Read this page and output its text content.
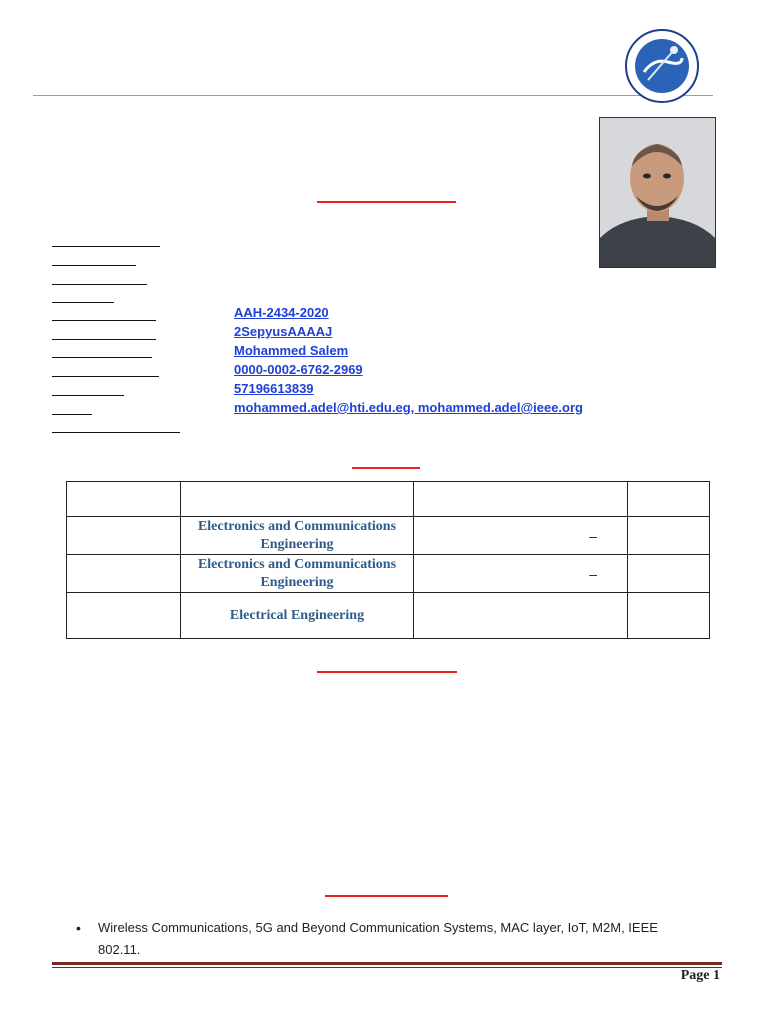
AAH-2434-2020
2SepyusAAAAJ
Mohammed Salem
0000-0002-6762-2969
57196613839
mohammed.adel@hti.edu.eg, mohammed.adel@ieee.org

	Electronics and Communications Engineering	–	

	Electronics and Communications Engineering	–	

	Electrical Engineering	

• Wireless Communications, 5G and Beyond Communication Systems, MAC layer, IoT, M2M, IEEE 802.11.
Page 1
